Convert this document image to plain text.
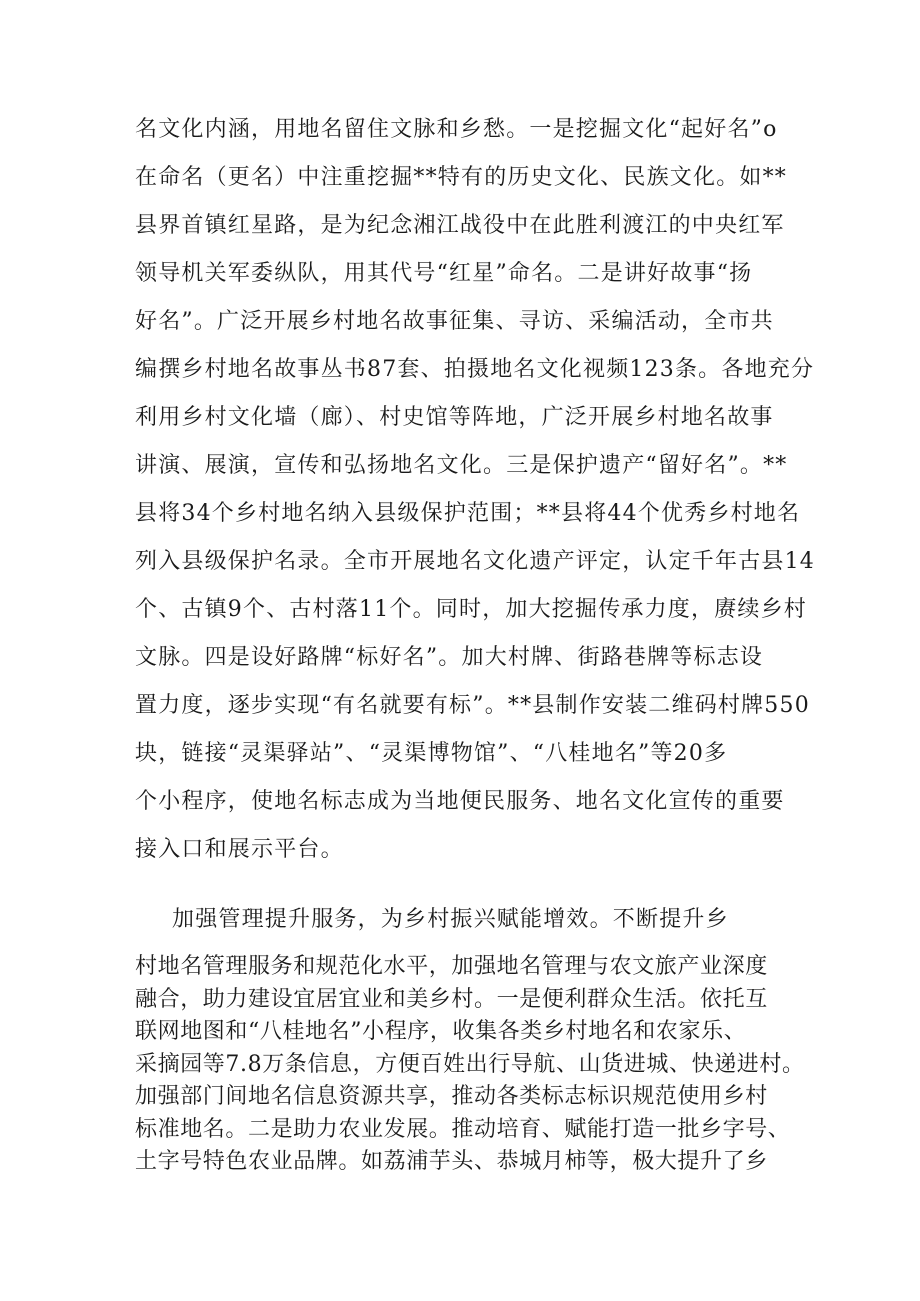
名文化内涵，用地名留住文脉和乡愁。一是挖掘文化“起好名”o
在命名（更名）中注重挖掘**特有的历史文化、民族文化。如**
县界首镇红星路，是为纪念湘江战役中在此胜利渡江的中央红军
领导机关军委纵队，用其代号“红星”命名。二是讲好故事“扬
好名”。广泛开展乡村地名故事征集、寻访、采编活动，全市共
编撰乡村地名故事丛书87套、拍摄地名文化视频123条。各地充分
利用乡村文化墙（廊）、村史馆等阵地，广泛开展乡村地名故事
讲演、展演，宣传和弘扬地名文化。三是保护遗产“留好名”。**
县将34个乡村地名纳入县级保护范围；**县将44个优秀乡村地名
列入县级保护名录。全市开展地名文化遗产评定，认定千年古县14
个、古镇9个、古村落11个。同时，加大挖掘传承力度，赓续乡村
文脉。四是设好路牌“标好名”。加大村牌、街路巷牌等标志设
置力度，逐步实现“有名就要有标”。**县制作安装二维码村牌550
块，链接“灵渠驿站”、“灵渠博物馆”、“八桂地名”等20多
个小程序，使地名标志成为当地便民服务、地名文化宣传的重要
接入口和展示平台。

加强管理提升服务，为乡村振兴赋能增效。不断提升乡

村地名管理服务和规范化水平，加强地名管理与农文旅产业深度
融合，助力建设宜居宜业和美乡村。一是便利群众生活。依托互
联网地图和“八桂地名”小程序，收集各类乡村地名和农家乐、
采摘园等7.8万条信息，方便百姓出行导航、山货进城、快递进村。
加强部门间地名信息资源共享，推动各类标志标识规范使用乡村
标准地名。二是助力农业发展。推动培育、赋能打造一批乡字号、
土字号特色农业品牌。如荔浦芋头、恭城月柿等，极大提升了乡
